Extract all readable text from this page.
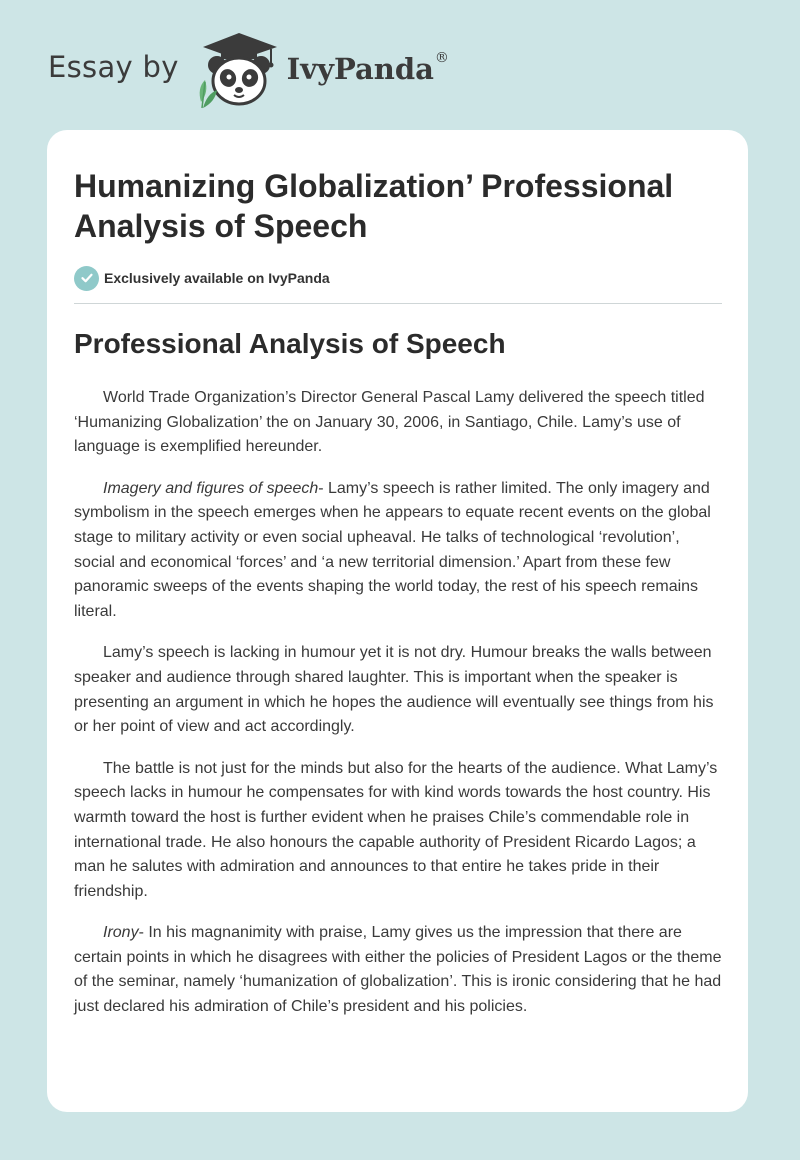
Essay by	IvyPanda®
Humanizing Globalization’ Professional Analysis of Speech
Exclusively available on IvyPanda
Professional Analysis of Speech

World Trade Organization’s Director General Pascal Lamy delivered the speech titled ‘Humanizing Globalization’ the on January 30, 2006, in Santiago, Chile. Lamy’s use of language is exemplified hereunder.

Imagery and figures of speech- Lamy’s speech is rather limited. The only imagery and symbolism in the speech emerges when he appears to equate recent events on the global stage to military activity or even social upheaval. He talks of technological ‘revolution’, social and economical ‘forces’ and ‘a new territorial dimension.’ Apart from these few panoramic sweeps of the events shaping the world today, the rest of his speech remains literal.

Lamy’s speech is lacking in humour yet it is not dry. Humour breaks the walls between speaker and audience through shared laughter. This is important when the speaker is presenting an argument in which he hopes the audience will eventually see things from his or her point of view and act accordingly.

The battle is not just for the minds but also for the hearts of the audience. What Lamy’s speech lacks in humour he compensates for with kind words towards the host country. His warmth toward the host is further evident when he praises Chile’s commendable role in international trade. He also honours the capable authority of President Ricardo Lagos; a man he salutes with admiration and announces to that entire he takes pride in their friendship.

Irony- In his magnanimity with praise, Lamy gives us the impression that there are certain points in which he disagrees with either the policies of President Lagos or the theme of the seminar, namely ‘humanization of globalization’. This is ironic considering that he had just declared his admiration of Chile’s president and his policies.
